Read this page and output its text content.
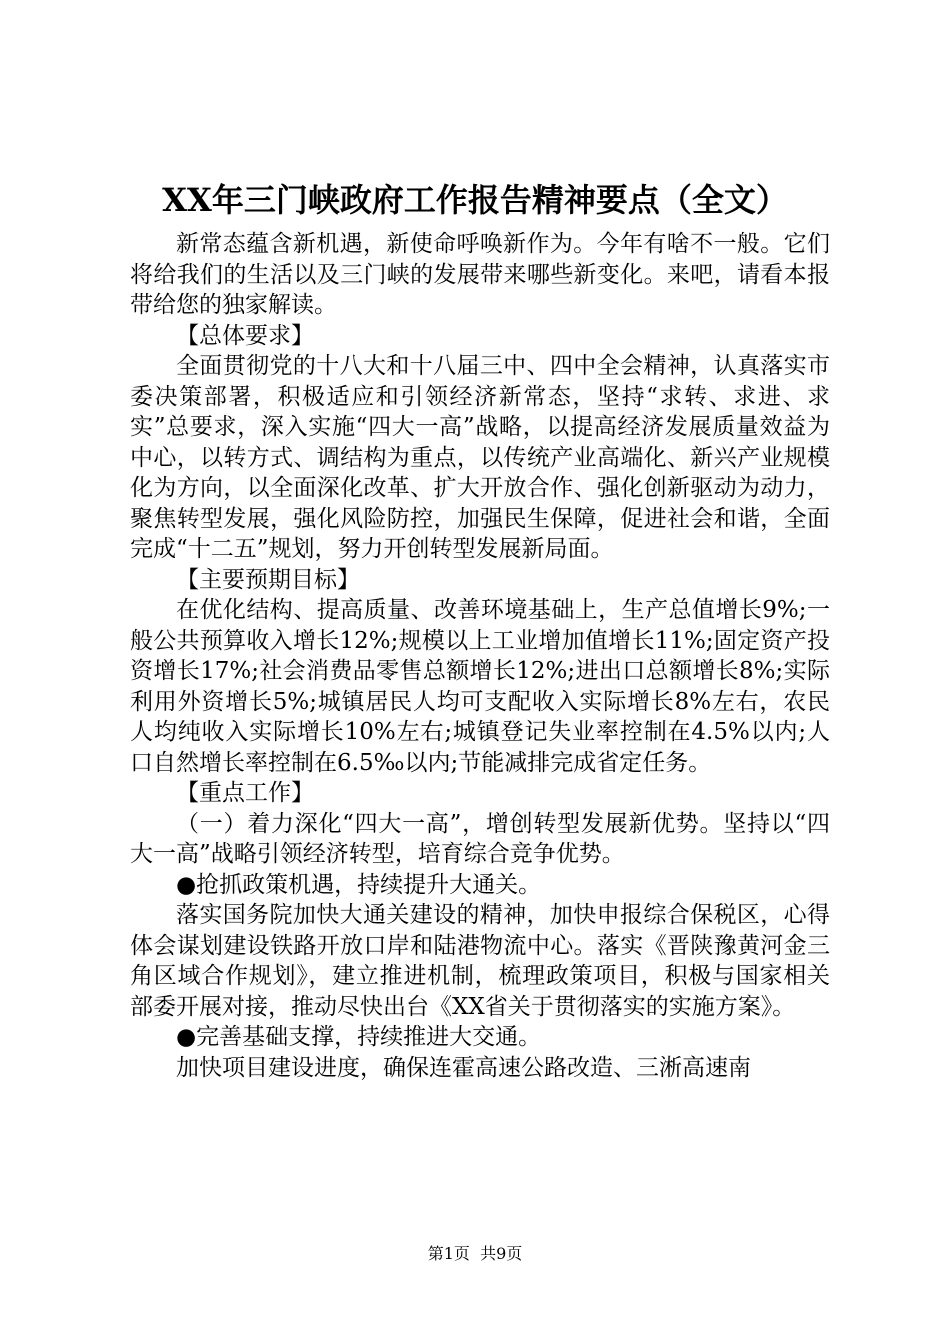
XX年三门峡政府工作报告精神要点（全文）

新常态蕴含新机遇，新使命呼唤新作为。今年有啥不一般。它们将给我们的生活以及三门峡的发展带来哪些新变化。来吧，请看本报带给您的独家解读。

【总体要求】

全面贯彻党的十八大和十八届三中、四中全会精神，认真落实市委决策部署，积极适应和引领经济新常态，坚持“求转、求进、求实”总要求，深入实施“四大一高”战略，以提高经济发展质量效益为中心，以转方式、调结构为重点，以传统产业高端化、新兴产业规模化为方向，以全面深化改革、扩大开放合作、强化创新驱动为动力，聚焦转型发展，强化风险防控，加强民生保障，促进社会和谐，全面完成“十二五”规划，努力开创转型发展新局面。

【主要预期目标】

在优化结构、提高质量、改善环境基础上，生产总值增长9%;一般公共预算收入增长12%;规模以上工业增加值增长11%;固定资产投资增长17%;社会消费品零售总额增长12%;进出口总额增长8%;实际利用外资增长5%;城镇居民人均可支配收入实际增长8%左右，农民人均纯收入实际增长10%左右;城镇登记失业率控制在4.5%以内;人口自然增长率控制在6.5‰以内;节能减排完成省定任务。

【重点工作】

（一）着力深化“四大一高”，增创转型发展新优势。坚持以“四大一高”战略引领经济转型，培育综合竞争优势。

●抢抓政策机遇，持续提升大通关。

落实国务院加快大通关建设的精神，加快申报综合保税区，心得体会谋划建设铁路开放口岸和陆港物流中心。落实《晋陕豫黄河金三角区域合作规划》，建立推进机制，梳理政策项目，积极与国家相关部委开展对接，推动尽快出台《XX省关于贯彻落实的实施方案》。

●完善基础支撑，持续推进大交通。

加快项目建设进度，确保连霍高速公路改造、三淅高速南

第1页 共9页
